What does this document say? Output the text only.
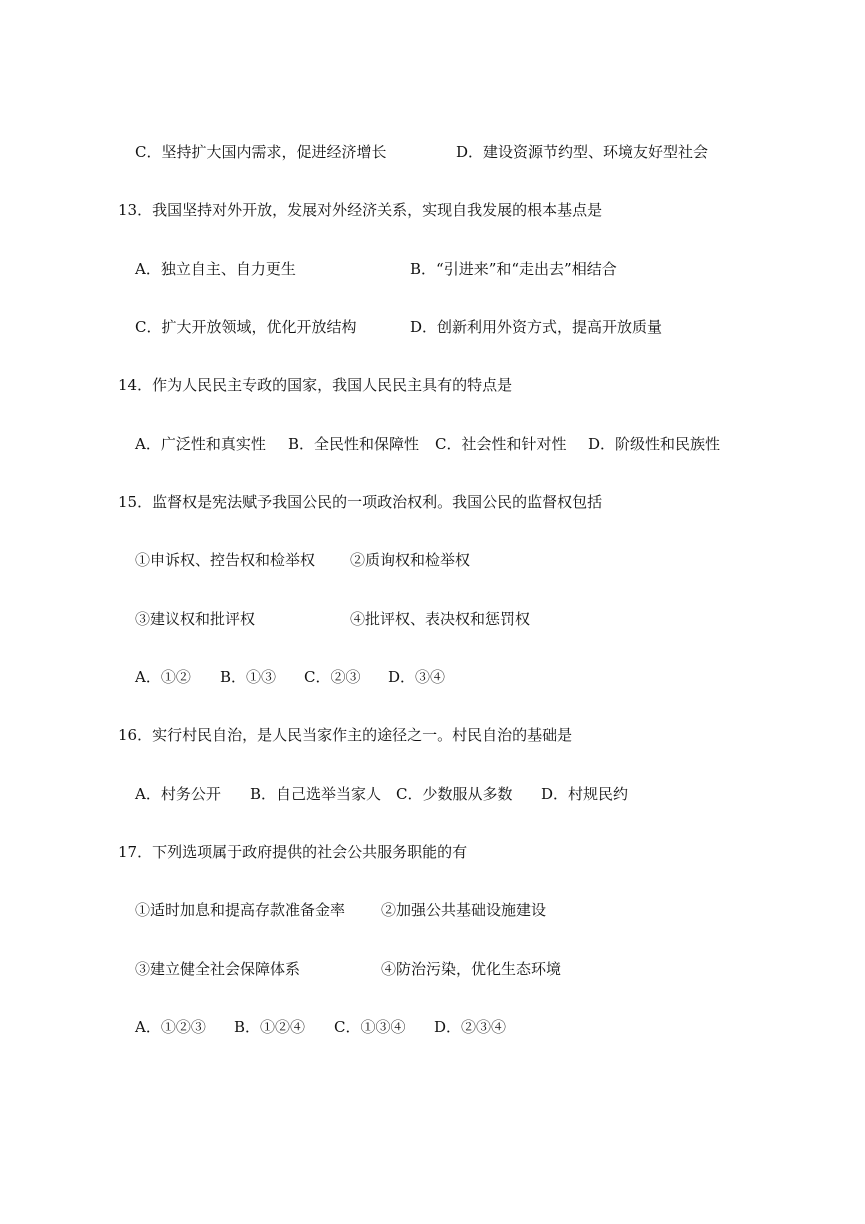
C．坚持扩大国内需求，促进经济增长	D．建设资源节约型、环境友好型社会
13．我国坚持对外开放，发展对外经济关系，实现自我发展的根本基点是
A．独立自主、自力更生	B．“引进来”和“走出去”相结合
C．扩大开放领域，优化开放结构	D．创新利用外资方式，提高开放质量
14．作为人民民主专政的国家，我国人民民主具有的特点是
A．广泛性和真实性 B．全民性和保障性 C．社会性和针对性 D．阶级性和民族性
15．监督权是宪法赋予我国公民的一项政治权利。我国公民的监督权包括
①申诉权、控告权和检举权 ②质询权和检举权
③建议权和批评权	④批评权、表决权和惩罚权
A．①② B．①③ C．②③ D．③④
16．实行村民自治，是人民当家作主的途径之一。村民自治的基础是
A．村务公开 B．自己选举当家人 C．少数服从多数 D．村规民约
17．下列选项属于政府提供的社会公共服务职能的有
①适时加息和提高存款准备金率 ②加强公共基础设施建设
③建立健全社会保障体系	④防治污染，优化生态环境
A．①②③ B．①②④ C．①③④ D．②③④
